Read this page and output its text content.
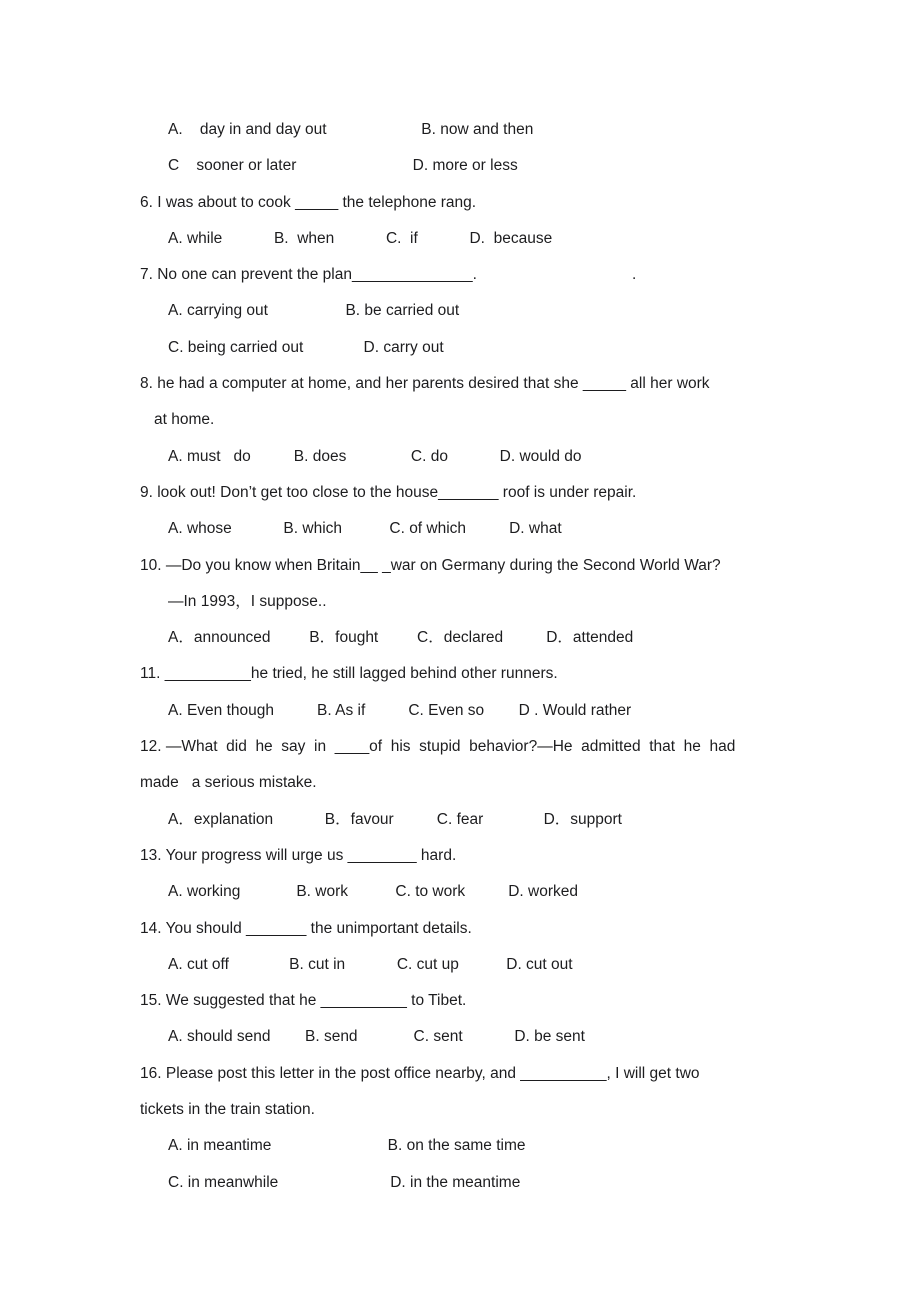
A.    day in and day out                      B. now and then
C    sooner or later                           D. more or less
6. I was about to cook _____ the telephone rang.
A. while            B.  when            C.  if            D.  because
7. No one can prevent the plan______________.                                    .
A. carrying out                  B. be carried out
C. being carried out              D. carry out
8. he had a computer at home, and her parents desired that she _____ all her work
at home.
A. must   do          B. does               C. do            D. would do
9. look out! Don’t get too close to the house_______ roof is under repair.
A. whose            B. which           C. of which          D. what
10. —Do you know when Britain__ _war on Germany during the Second World War?
—In 1993，I suppose..
A．announced         B．fought         C．declared          D．attended
11. __________he tried, he still lagged behind other runners.
A. Even though          B. As if          C. Even so        D . Would rather
12. —What  did  he  say  in  ____of  his  stupid  behavior?—He  admitted  that  he  had
made   a serious mistake.
A．explanation            B．favour          C. fear              D．support
13. Your progress will urge us ________ hard.
A. working             B. work           C. to work          D. worked
14. You should _______ the unimportant details.
A. cut off              B. cut in            C. cut up           D. cut out
15. We suggested that he __________ to Tibet.
A. should send        B. send             C. sent            D. be sent
16. Please post this letter in the post office nearby, and __________, I will get two
tickets in the train station.
A. in meantime                           B. on the same time
C. in meanwhile                          D. in the meantime
